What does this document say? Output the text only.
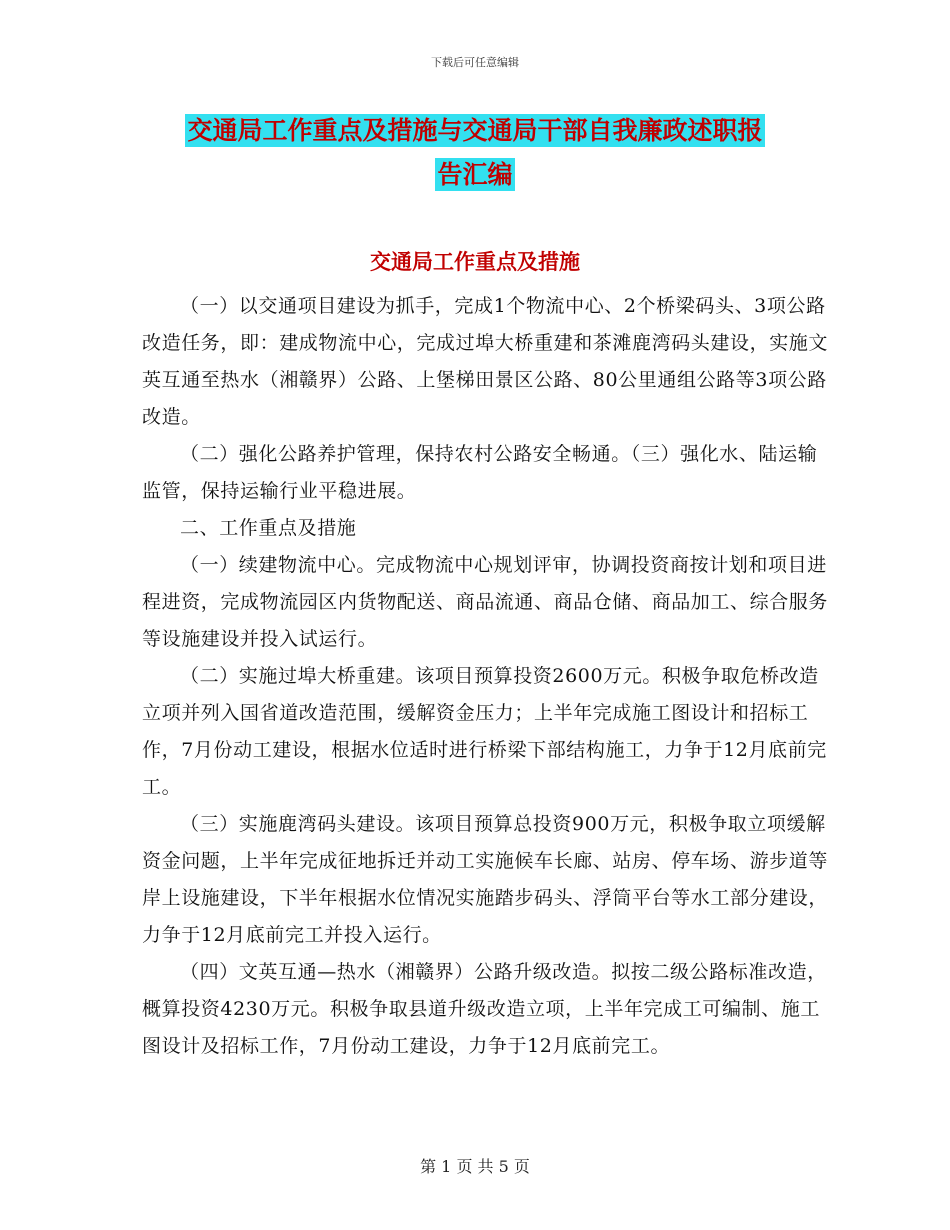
下载后可任意编辑
交通局工作重点及措施与交通局干部自我廉政述职报
告汇编
交通局工作重点及措施

（一）以交通项目建设为抓手，完成1个物流中心、2个桥梁码头、3项公路改造任务，即：建成物流中心，完成过埠大桥重建和茶滩鹿湾码头建设，实施文英互通至热水（湘赣界）公路、上堡梯田景区公路、80公里通组公路等3项公路改造。

（二）强化公路养护管理，保持农村公路安全畅通。（三）强化水、陆运输监管，保持运输行业平稳进展。

二、工作重点及措施

（一）续建物流中心。完成物流中心规划评审，协调投资商按计划和项目进程进资，完成物流园区内货物配送、商品流通、商品仓储、商品加工、综合服务等设施建设并投入试运行。

（二）实施过埠大桥重建。该项目预算投资2600万元。积极争取危桥改造立项并列入国省道改造范围，缓解资金压力；上半年完成施工图设计和招标工作，7月份动工建设，根据水位适时进行桥梁下部结构施工，力争于12月底前完工。

（三）实施鹿湾码头建设。该项目预算总投资900万元，积极争取立项缓解资金问题，上半年完成征地拆迁并动工实施候车长廊、站房、停车场、游步道等岸上设施建设，下半年根据水位情况实施踏步码头、浮筒平台等水工部分建设，力争于12月底前完工并投入运行。

（四）文英互通—热水（湘赣界）公路升级改造。拟按二级公路标准改造，概算投资4230万元。积极争取县道升级改造立项，上半年完成工可编制、施工图设计及招标工作，7月份动工建设，力争于12月底前完工。

第 1 页 共 5 页
